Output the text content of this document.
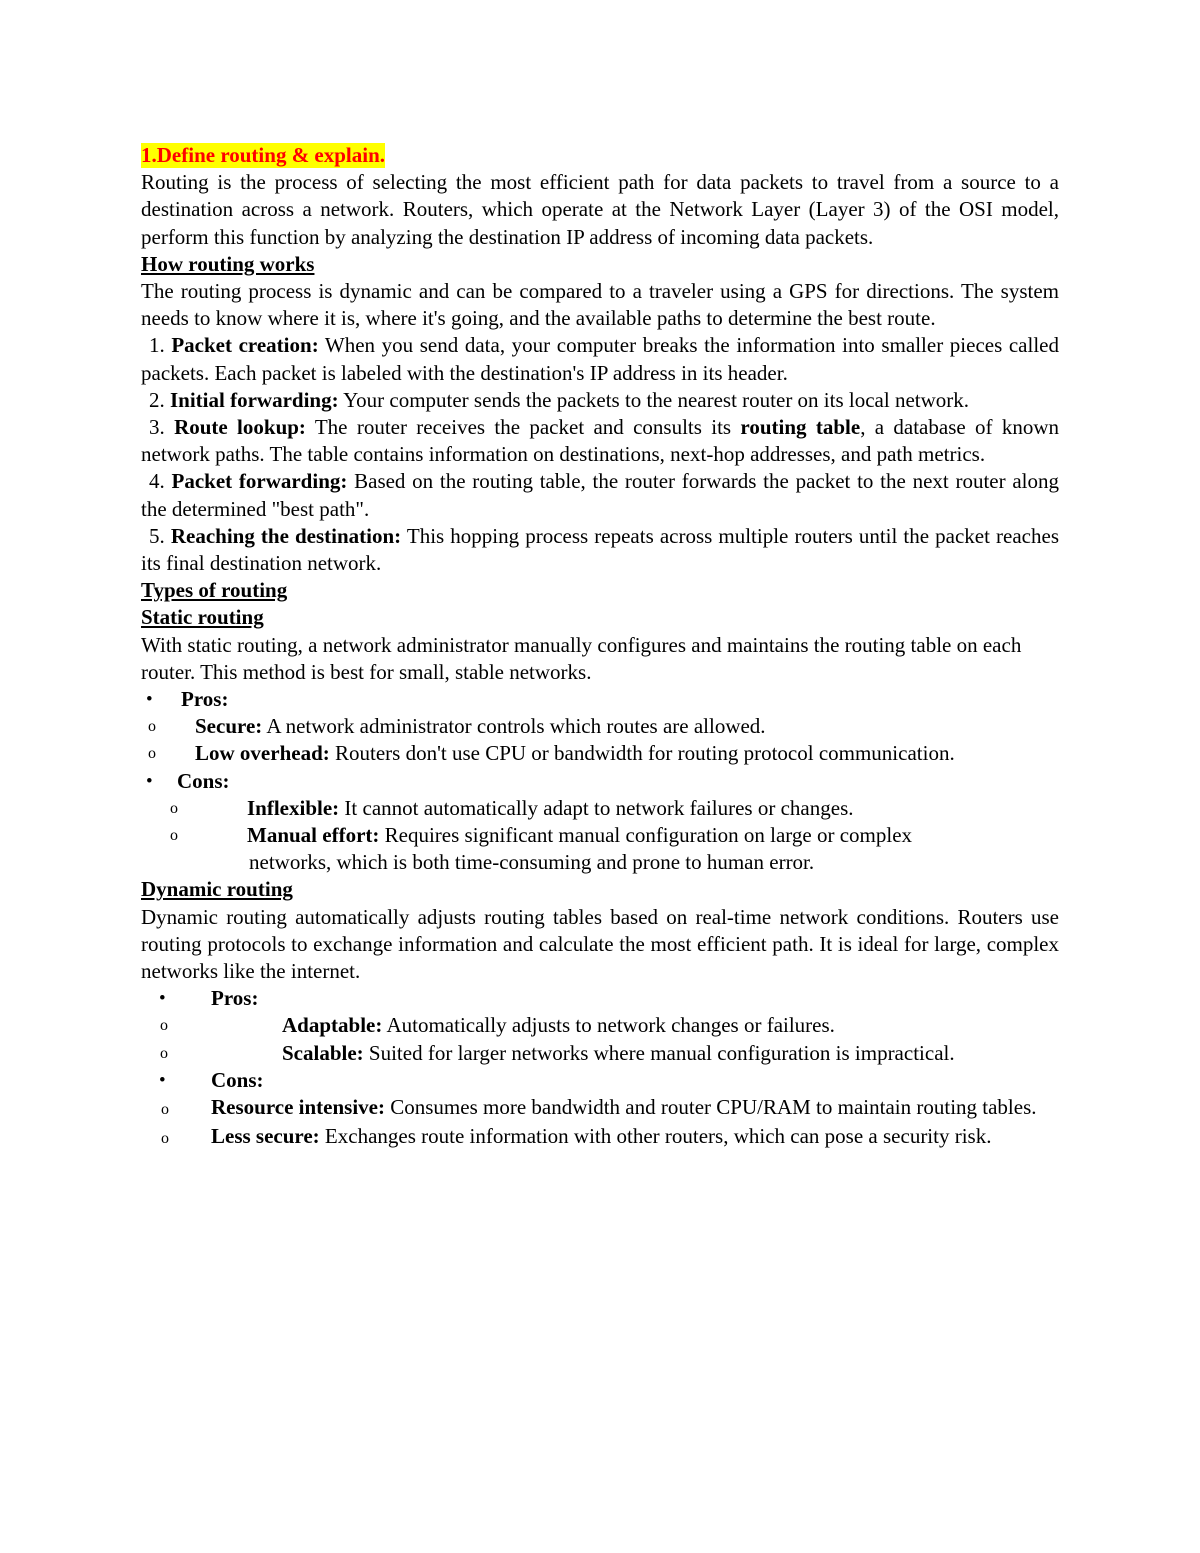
1.Define routing & explain.

Routing is the process of selecting the most efficient path for data packets to travel from a source to a destination across a network. Routers, which operate at the Network Layer (Layer 3) of the OSI model, perform this function by analyzing the destination IP address of incoming data packets.

How routing works

The routing process is dynamic and can be compared to a traveler using a GPS for directions. The system needs to know where it is, where it's going, and the available paths to determine the best route.

1. Packet creation: When you send data, your computer breaks the information into smaller pieces called packets. Each packet is labeled with the destination's IP address in its header.

2. Initial forwarding: Your computer sends the packets to the nearest router on its local network.

3. Route lookup: The router receives the packet and consults its routing table, a database of known network paths. The table contains information on destinations, next-hop addresses, and path metrics.

4. Packet forwarding: Based on the routing table, the router forwards the packet to the next router along the determined "best path".

5. Reaching the destination: This hopping process repeats across multiple routers until the packet reaches its final destination network.

Types of routing

Static routing

With static routing, a network administrator manually configures and maintains the routing table on each router. This method is best for small, stable networks.

• Pros:
o Secure: A network administrator controls which routes are allowed.
o Low overhead: Routers don't use CPU or bandwidth for routing protocol communication.
• Cons:
o	Inflexible: It cannot automatically adapt to network failures or changes.
o	Manual effort: Requires significant manual configuration on large or complex
networks, which is both time-consuming and prone to human error.

Dynamic routing

Dynamic routing automatically adjusts routing tables based on real-time network conditions. Routers use routing protocols to exchange information and calculate the most efficient path. It is ideal for large, complex networks like the internet.

• Pros:
o	Adaptable: Automatically adjusts to network changes or failures.
o	Scalable: Suited for larger networks where manual configuration is impractical.
• Cons:

o Resource intensive: Consumes more bandwidth and router CPU/RAM to maintain routing tables.

o Less secure: Exchanges route information with other routers, which can pose a security risk.
